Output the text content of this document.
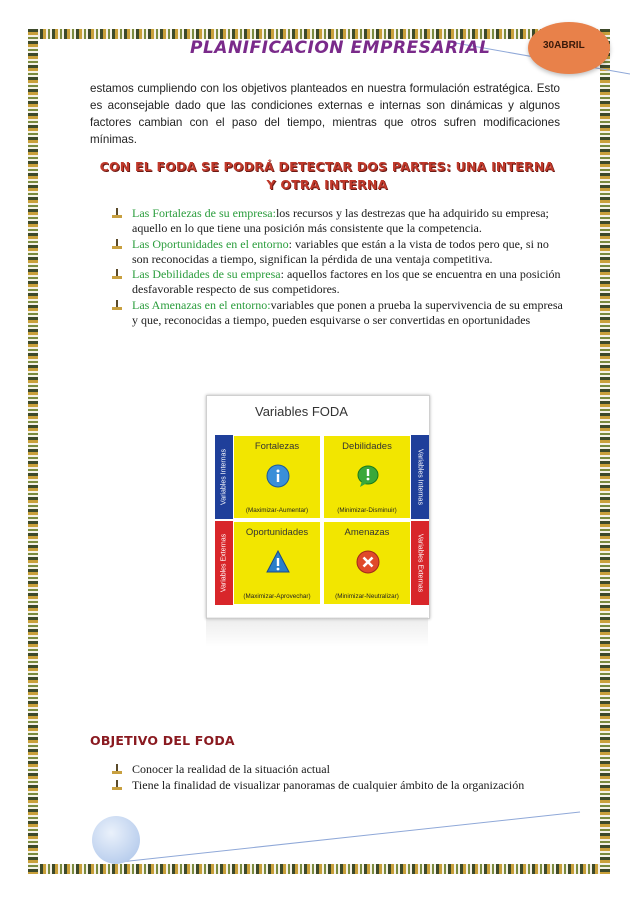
PLANIFICACION EMPRESARIAL	30ABRIL
estamos cumpliendo con los objetivos planteados en nuestra formulación estratégica. Esto es aconsejable dado que las condiciones externas e internas son dinámicas y algunos factores cambian con el paso del tiempo, mientras que otros sufren modificaciones mínimas.
CON EL FODA SE PODRÁ DETECTAR DOS PARTES: UNA INTERNA
Y OTRA INTERNA
Las Fortalezas de su empresa:los recursos y las destrezas que ha adquirido su empresa; aquello en lo que tiene una posición más consistente que la competencia.
Las Oportunidades en el entorno: variables que están a la vista de todos pero que, si no son reconocidas a tiempo, significan la pérdida de una ventaja competitiva.
Las Debilidades de su empresa: aquellos factores en los que se encuentra en una posición desfavorable respecto de sus competidores.
Las Amenazas en el entorno:variables que ponen a prueba la supervivencia de su empresa y que, reconocidas a tiempo, pueden esquivarse o ser convertidas en oportunidades
Variables FODA
Variables Internas
Variables Externas
Variables Internas
Variables Externas
Fortalezas
(Maximizar-Aumentar)
Debilidades
(Minimizar-Disminuir)
Oportunidades
(Maximizar-Aprovechar)
Amenazas
(Minimizar-Neutralizar)
OBJETIVO DEL FODA
Conocer la realidad de la situación actual
Tiene la finalidad de visualizar panoramas de cualquier ámbito de la organización
